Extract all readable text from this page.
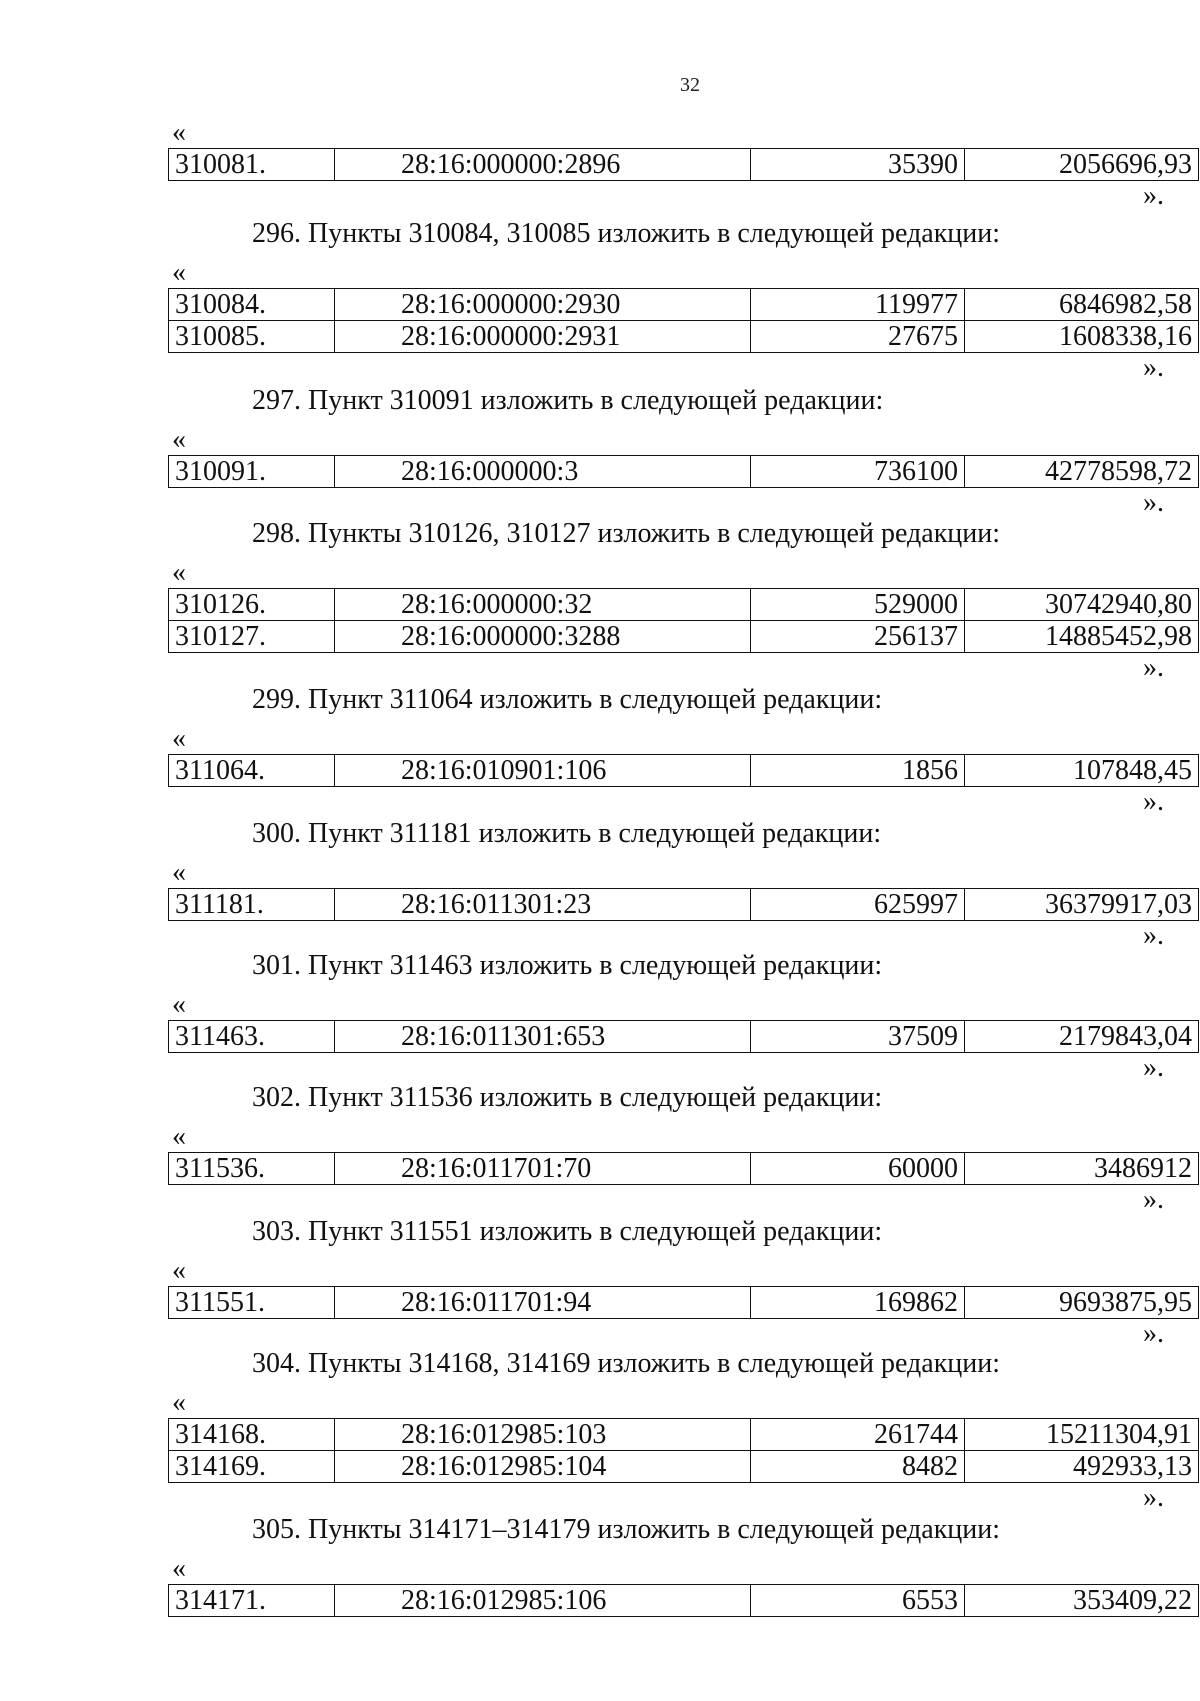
32
«
310081.	28:16:000000:2896	35390	2056696,93
».
296. Пункты 310084, 310085 изложить в следующей редакции:
«
310084.	28:16:000000:2930	119977	6846982,58
310085.	28:16:000000:2931	27675	1608338,16
».
297. Пункт 310091 изложить в следующей редакции:
«
310091.	28:16:000000:3	736100	42778598,72
».
298. Пункты 310126, 310127 изложить в следующей редакции:
«
310126.	28:16:000000:32	529000	30742940,80
310127.	28:16:000000:3288	256137	14885452,98
».
299. Пункт 311064 изложить в следующей редакции:
«
311064.	28:16:010901:106	1856	107848,45
».
300. Пункт 311181 изложить в следующей редакции:
«
311181.	28:16:011301:23	625997	36379917,03
».
301. Пункт 311463 изложить в следующей редакции:
«
311463.	28:16:011301:653	37509	2179843,04
».
302. Пункт 311536 изложить в следующей редакции:
«
311536.	28:16:011701:70	60000	3486912
».
303. Пункт 311551 изложить в следующей редакции:
«
311551.	28:16:011701:94	169862	9693875,95
».
304. Пункты 314168, 314169 изложить в следующей редакции:
«
314168.	28:16:012985:103	261744	15211304,91
314169.	28:16:012985:104	8482	492933,13
».
305. Пункты 314171–314179 изложить в следующей редакции:
«
314171.	28:16:012985:106	6553	353409,22
